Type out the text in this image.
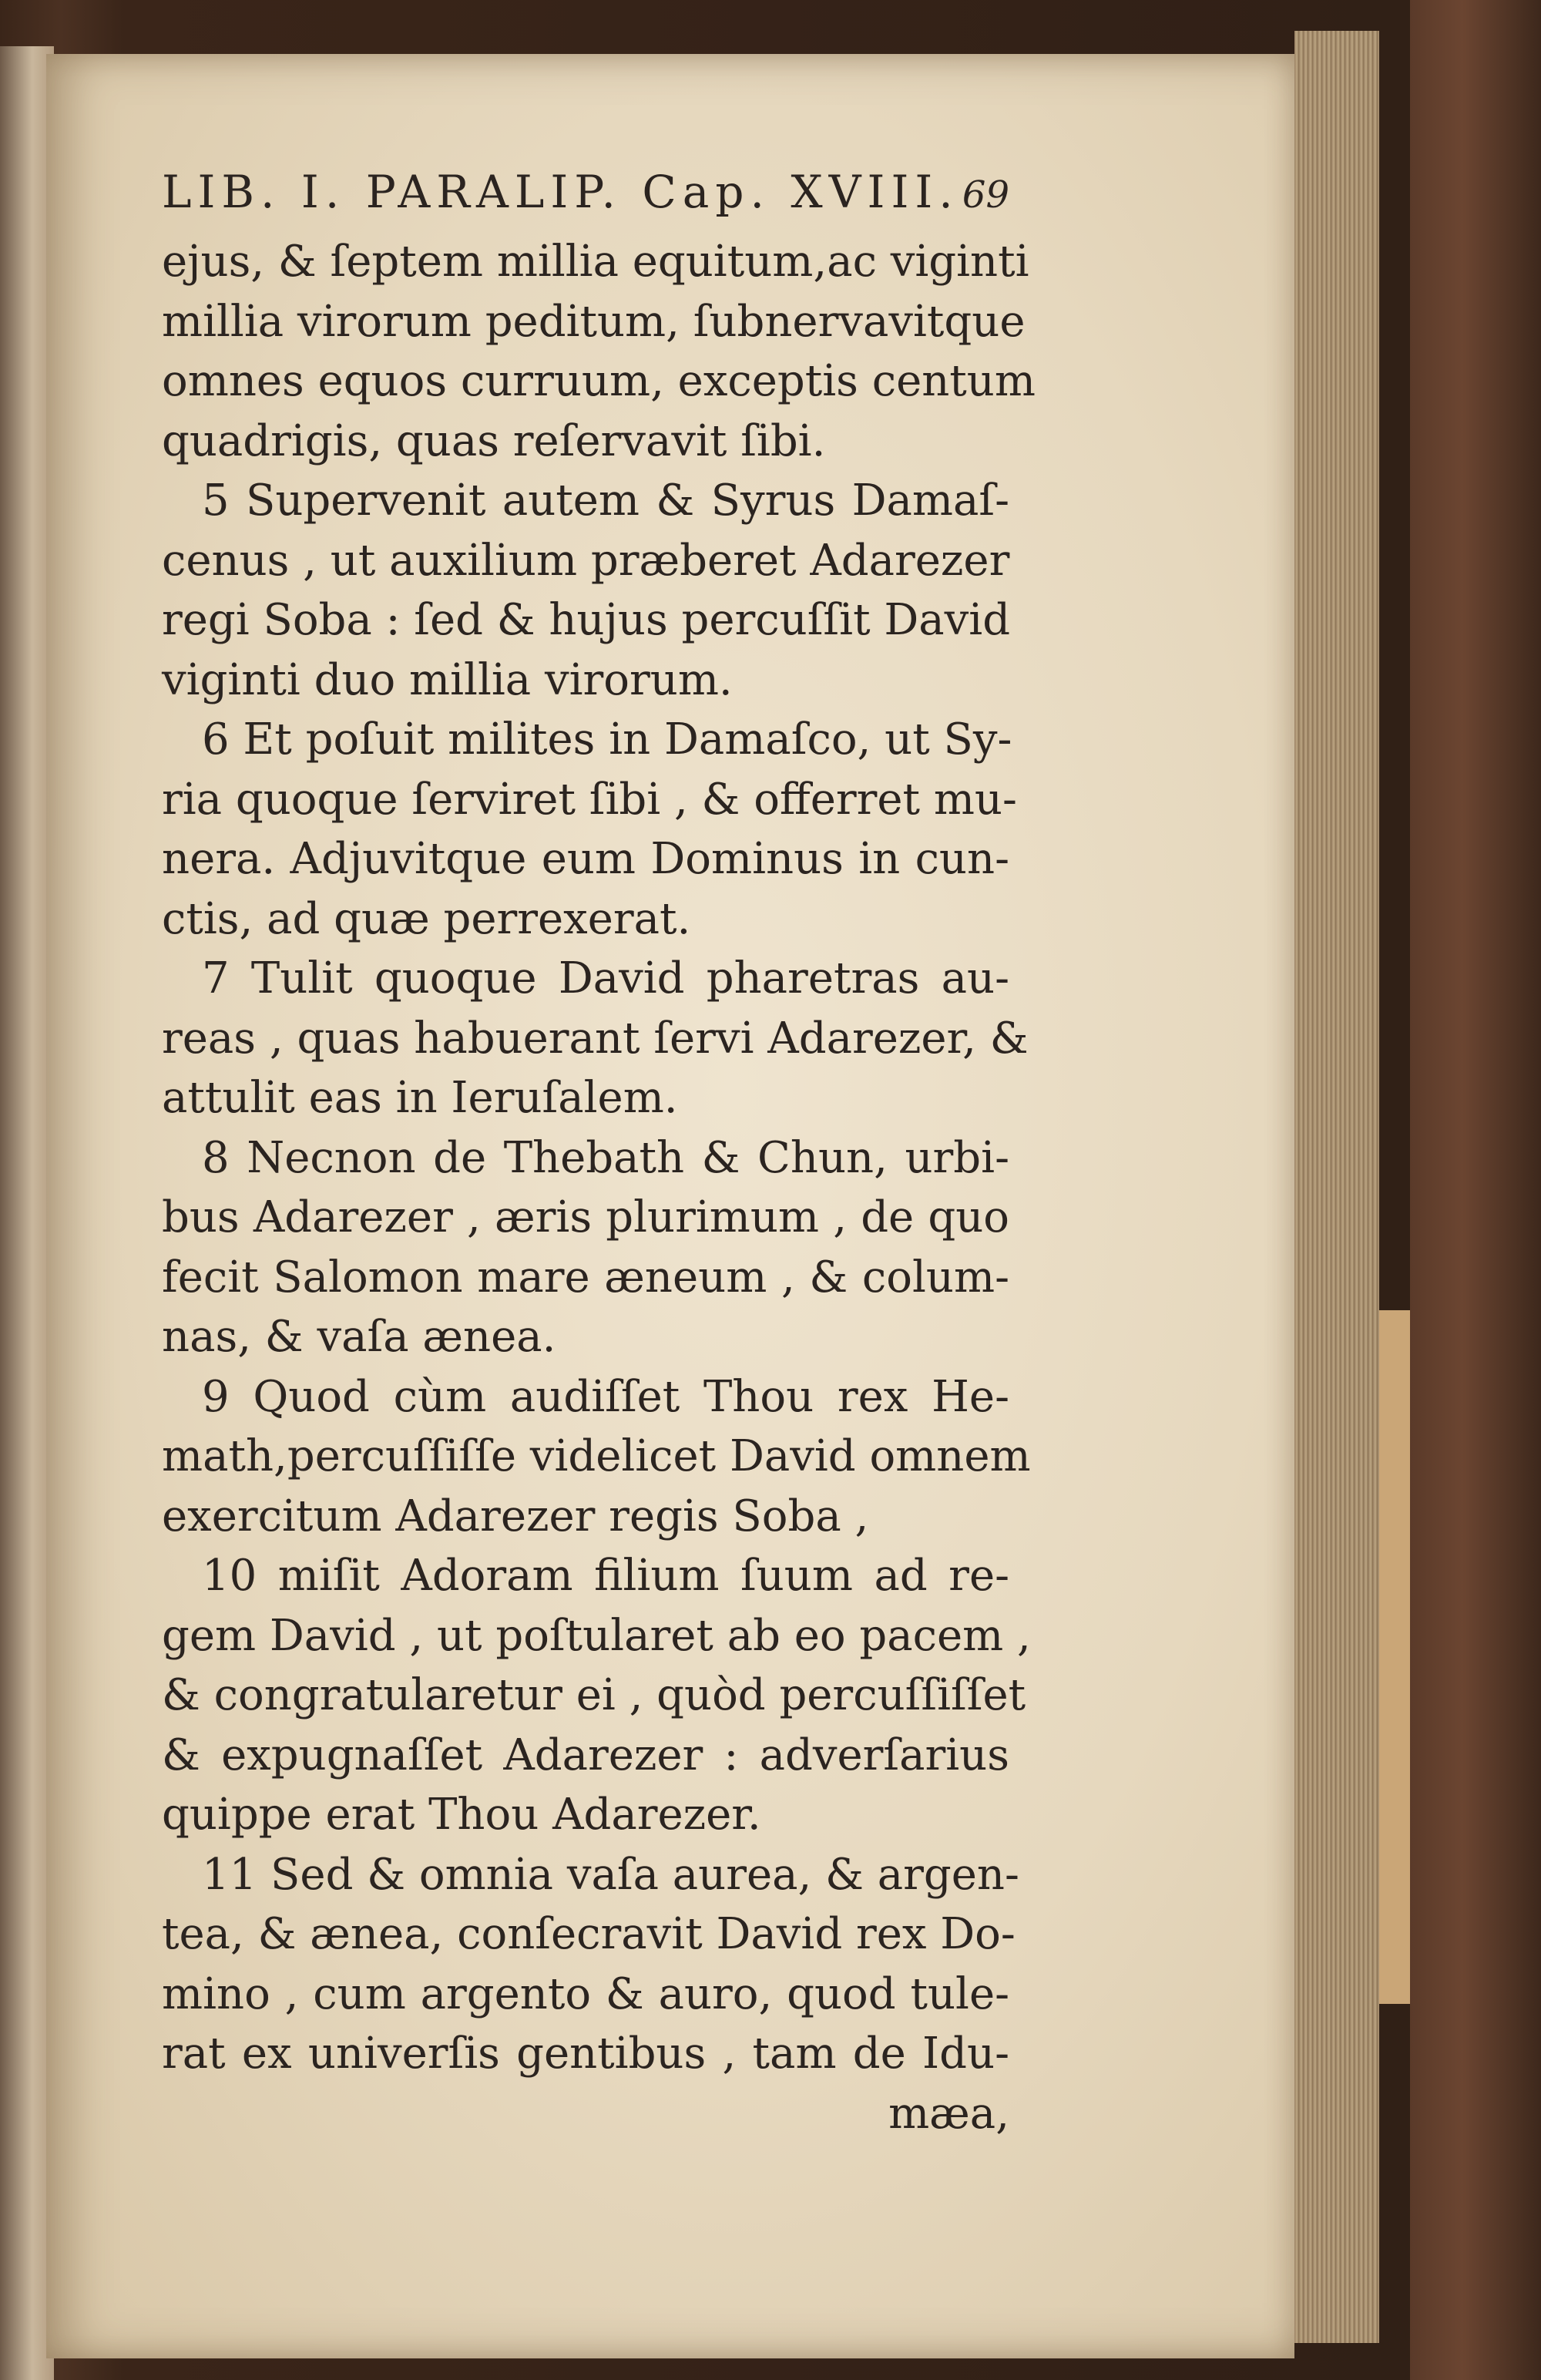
LIB. I. PARALIP. Cap. XVIII. 69
ejus, & ſeptem millia equitum,ac viginti
millia virorum peditum, ſubnervavitque
omnes equos curruum, exceptis centum
quadrigis, quas reſervavit ſibi.
5 Supervenit autem & Syrus Damaſ-
cenus , ut auxilium præberet Adarezer
regi Soba : ſed & hujus percuſſit David
viginti duo millia virorum.
6 Et poſuit milites in Damaſco, ut Sy-
ria quoque ſerviret ſibi , & offerret mu-
nera. Adjuvitque eum Dominus in cun-
ctis, ad quæ perrexerat.
7 Tulit quoque David pharetras au-
reas , quas habuerant ſervi Adarezer, &
attulit eas in Ieruſalem.
8 Necnon de Thebath & Chun, urbi-
bus Adarezer , æris plurimum , de quo
fecit Salomon mare æneum , & colum-
nas, & vaſa ænea.
9 Quod cùm audiſſet Thou rex He-
math,percuſſiſſe videlicet David omnem
exercitum Adarezer regis Soba ,
10 miſit Adoram filium ſuum ad re-
gem David , ut poſtularet ab eo pacem ,
& congratularetur ei , quòd percuſſiſſet
& expugnaſſet Adarezer : adverſarius
quippe erat Thou Adarezer.
11 Sed & omnia vaſa aurea, & argen-
tea, & ænea, conſecravit David rex Do-
mino , cum argento & auro, quod tule-
rat ex univerſis gentibus , tam de Idu-
mæa,
